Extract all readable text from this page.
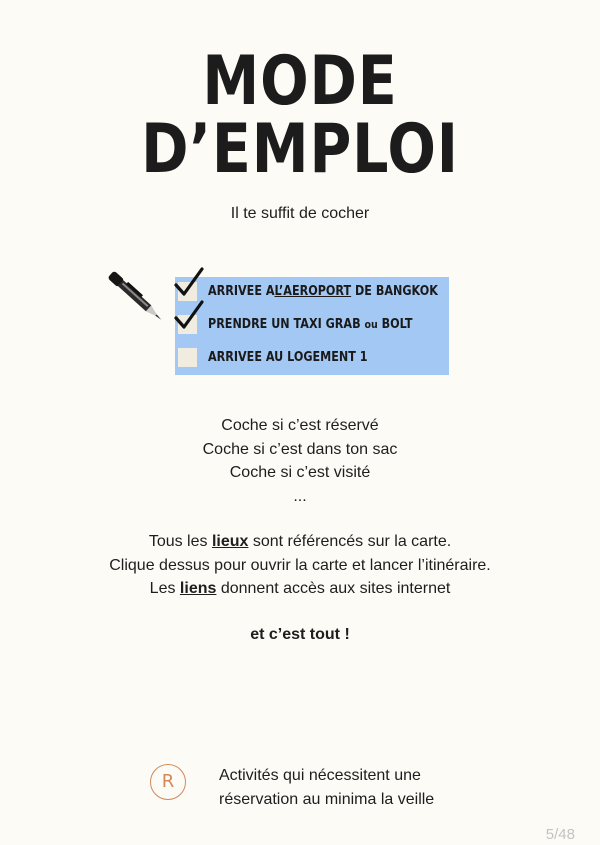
MODE D’EMPLOI
Il te suffit de cocher
ARRIVEE AL’AEROPORT DE BANGKOK
PRENDRE UN TAXI GRAB ou BOLT
ARRIVEE AU LOGEMENT 1
Coche si c’est réservé
Coche si c’est dans ton sac
Coche si c’est visité
...
Tous les lieux sont référencés sur la carte.
Clique dessus pour ouvrir la carte et lancer l’itinéraire.
Les liens donnent accès aux sites internet
et c’est tout !
R	Activités qui nécessitent une
réservation au minima la veille
5/48
